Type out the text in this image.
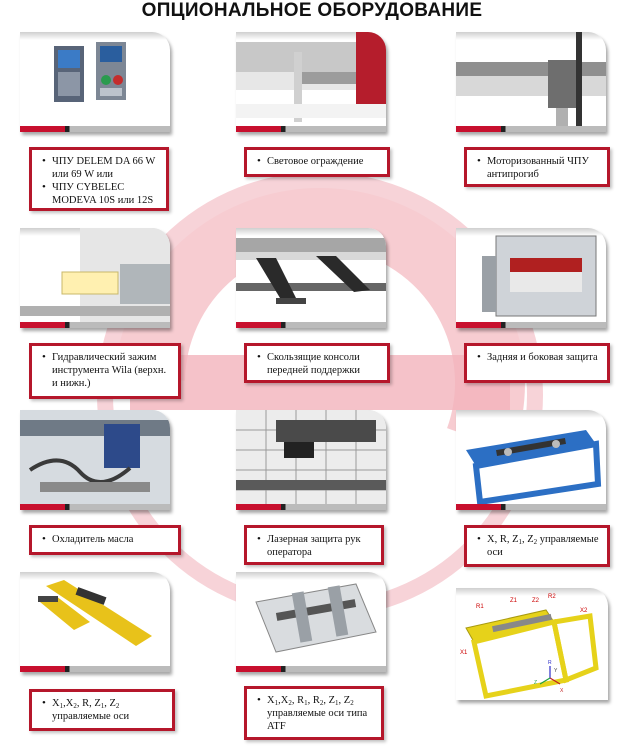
ОПЦИОНАЛЬНОЕ ОБОРУДОВАНИЕ
• ЧПУ DELEM DA 66 W или 69 W или
• ЧПУ CYBELEC MODEVA 10S или 12S
• Световое ограждение	• Моторизованный ЧПУ антипрогиб
• Гидравлический зажим инструмента Wila (верхн. и нижн.)
• Скользящие консоли передней поддержки
• Задняя и боковая защита
• Охладитель масла	• Лазерная защита рук оператора
• X, R, $Z_1$, $Z_2$ управляемые оси
• $X_1,X_2$, R, $Z_1$, $Z_2$ управляемые оси
• $X_1,X_2$, $R_1$, $R_2$, $Z_1$, $Z_2$ управляемые оси типа ATF
R1
Z1 Z2
R2
X2
X1
R
X
Z
Y
